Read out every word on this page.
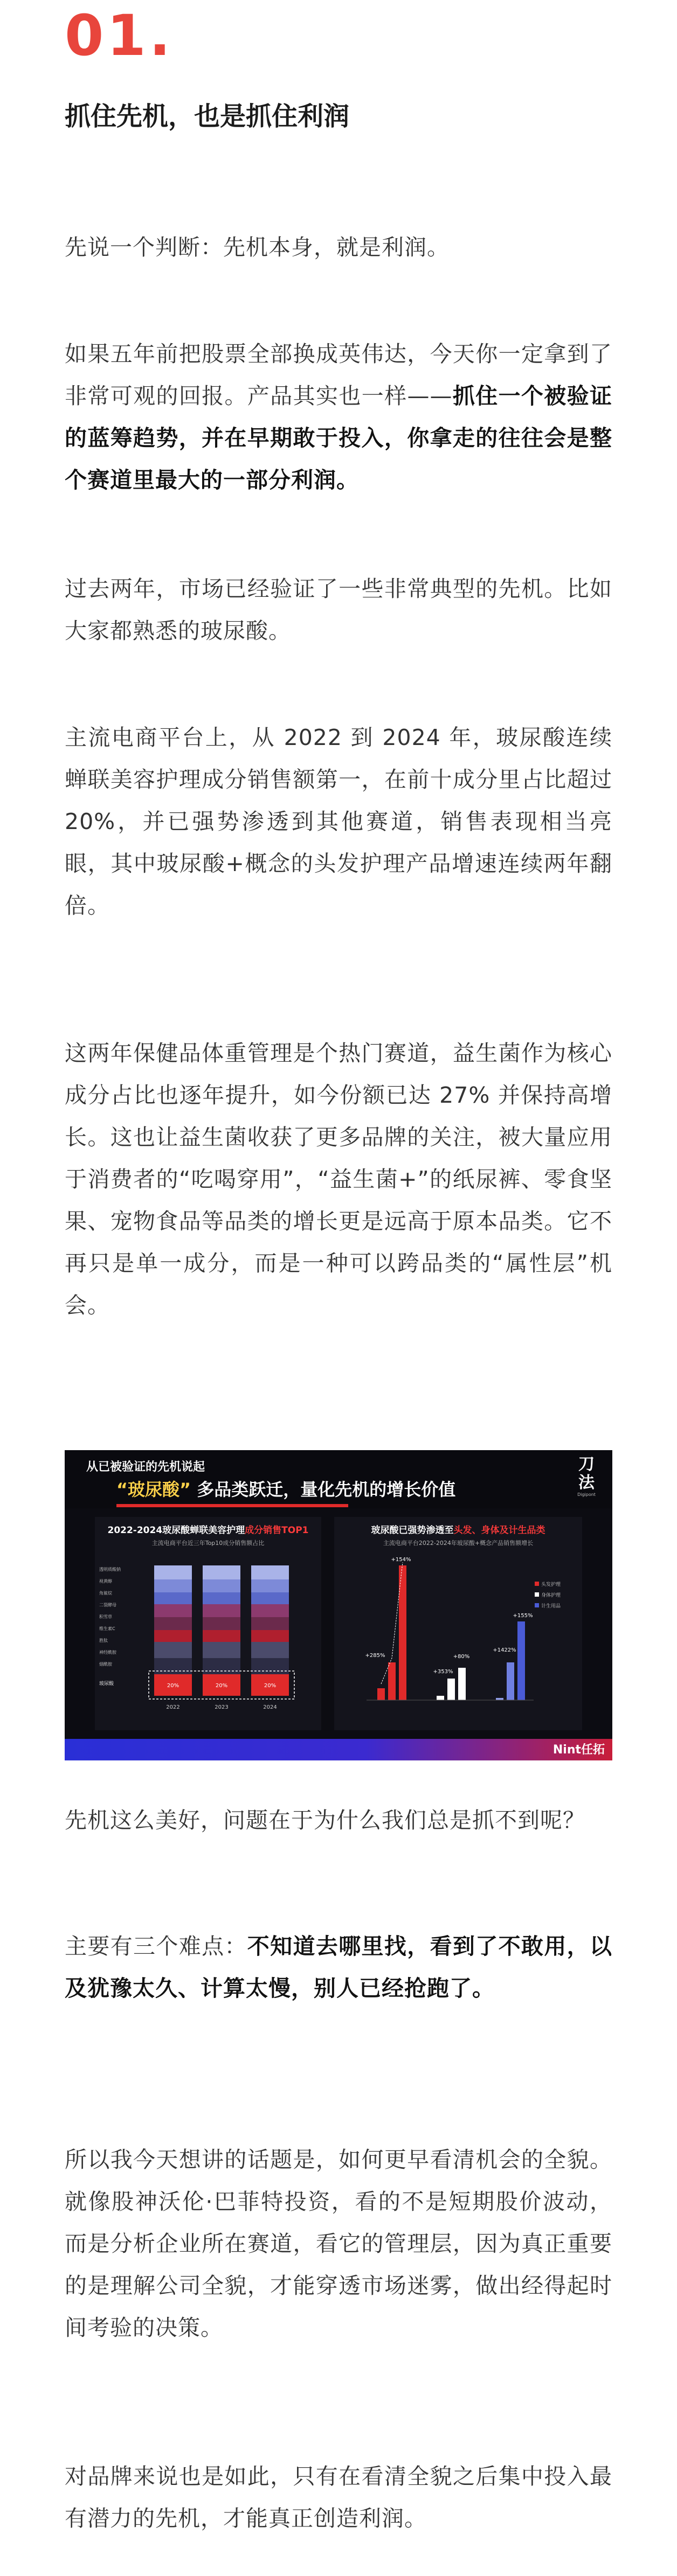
01.
抓住先机，也是抓住利润
先说一个判断：先机本身，就是利润。
如果五年前把股票全部换成英伟达，今天你一定拿到了非常可观的回报。产品其实也一样——抓住一个被验证的蓝筹趋势，并在早期敢于投入，你拿走的往往会是整个赛道里最大的一部分利润。
过去两年，市场已经验证了一些非常典型的先机。比如大家都熟悉的玻尿酸。
主流电商平台上，从 2022 到 2024 年，玻尿酸连续蝉联美容护理成分销售额第一，在前十成分里占比超过 20%，并已强势渗透到其他赛道，销售表现相当亮眼，其中玻尿酸+概念的头发护理产品增速连续两年翻倍。
这两年保健品体重管理是个热门赛道，益生菌作为核心成分占比也逐年提升，如今份额已达 27% 并保持高增长。这也让益生菌收获了更多品牌的关注，被大量应用于消费者的“吃喝穿用”，“益生菌+”的纸尿裤、零食坚果、宠物食品等品类的增长更是远高于原本品类。它不再只是单一成分，而是一种可以跨品类的“属性层”机会。
从已被验证的先机说起
“玻尿酸” 多品类跃迁，量化先机的增长价值
刀法
Digipont
2022-2024玻尿酸蝉联美容护理成分销售TOP1
主流电商平台近三年Top10成分销售额占比
透明质酸钠
视黄醇
角鲨烷
二裂酵母
积雪草
维生素C
胜肽
神经酰胺
烟酰胺
玻尿酸	20%	20%	20%
2022	2023	2024
玻尿酸已强势渗透至头发、身体及计生品类
主流电商平台2022-2024年玻尿酸+概念产品销售额增长
头发护理
身体护理
计生用品
+154%
+285%	+80%
+353%
+155%
+1422%
Nint任拓
先机这么美好，问题在于为什么我们总是抓不到呢？
主要有三个难点：不知道去哪里找，看到了不敢用，以及犹豫太久、计算太慢，别人已经抢跑了。
所以我今天想讲的话题是，如何更早看清机会的全貌。就像股神沃伦·巴菲特投资，看的不是短期股价波动，而是分析企业所在赛道，看它的管理层，因为真正重要的是理解公司全貌，才能穿透市场迷雾，做出经得起时间考验的决策。
对品牌来说也是如此，只有在看清全貌之后集中投入最有潜力的先机，才能真正创造利润。
